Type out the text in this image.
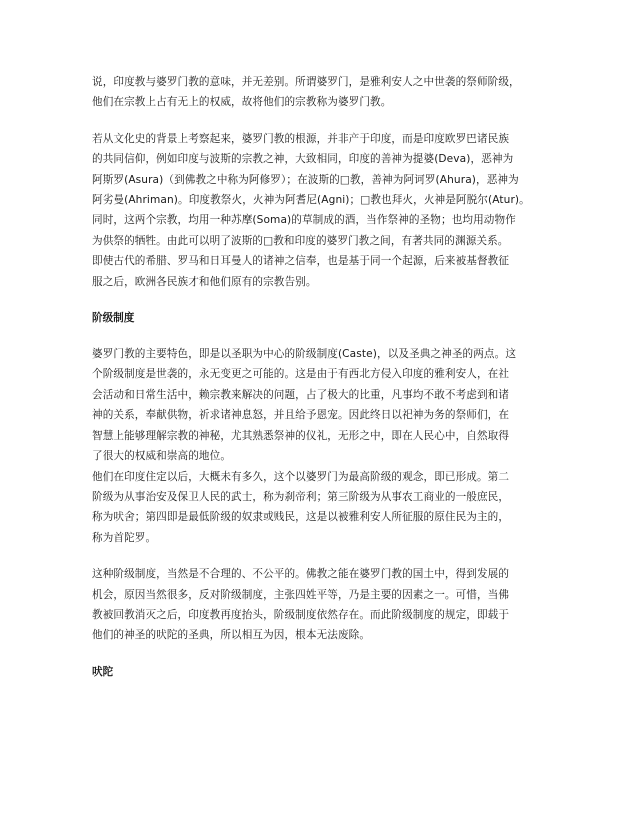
说，印度教与婆罗门教的意味，并无差别。所谓婆罗门，是雅利安人之中世袭的祭师阶级，
他们在宗教上占有无上的权威，故将他们的宗教称为婆罗门教。

若从文化史的背景上考察起来，婆罗门教的根源，并非产于印度，而是印度欧罗巴诸民族
的共同信仰，例如印度与波斯的宗教之神，大致相同，印度的善神为提婆(Deva)，恶神为
阿斯罗(Asura)（到佛教之中称为阿修罗）；在波斯的□教，善神为阿诃罗(Ahura)，恶神为
阿劣曼(Ahriman)。印度教祭火，火神为阿耆尼(Agni)；□教也拜火，火神是阿脱尔(Atur)。
同时，这两个宗教，均用一种苏摩(Soma)的草制成的酒，当作祭神的圣物；也均用动物作
为供祭的牺牲。由此可以明了波斯的□教和印度的婆罗门教之间，有著共同的渊源关系。
即使古代的希腊、罗马和日耳曼人的诸神之信奉，也是基于同一个起源，后来被基督教征
服之后，欧洲各民族才和他们原有的宗教告别。

阶级制度

婆罗门教的主要特色，即是以圣职为中心的阶级制度(Caste)，以及圣典之神圣的两点。这
个阶级制度是世袭的，永无变更之可能的。这是由于有西北方侵入印度的雅利安人，在社
会活动和日常生活中，赖宗教来解决的问题，占了极大的比重，凡事均不敢不考虑到和诸
神的关系，奉献供物，祈求诸神息怒，并且给予恩宠。因此终日以祀神为务的祭师们，在
智慧上能够理解宗教的神秘，尤其熟悉祭神的仪礼，无形之中，即在人民心中，自然取得
了很大的权威和崇高的地位。
他们在印度住定以后，大概未有多久，这个以婆罗门为最高阶级的观念，即已形成。第二
阶级为从事治安及保卫人民的武士，称为刹帝利；第三阶级为从事农工商业的一般庶民，
称为吠舍；第四即是最低阶级的奴隶或贱民，这是以被雅利安人所征服的原住民为主的，
称为首陀罗。

这种阶级制度，当然是不合理的、不公平的。佛教之能在婆罗门教的国土中，得到发展的
机会，原因当然很多，反对阶级制度，主张四姓平等，乃是主要的因素之一。可惜，当佛
教被回教消灭之后，印度教再度抬头，阶级制度依然存在。而此阶级制度的规定，即载于
他们的神圣的吠陀的圣典，所以相互为因，根本无法废除。

吠陀
